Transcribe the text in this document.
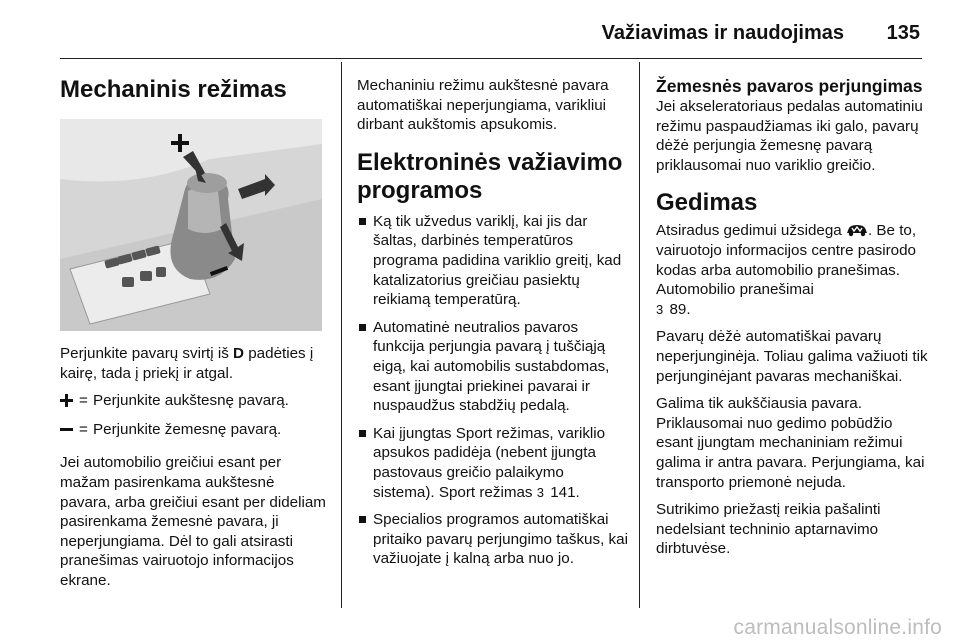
Važiavimas ir naudojimas 135
Mechaninis režimas

Perjunkite pavarų svirtį iš D padėties į kairę, tada į priekį ir atgal.

= Perjunkite aukštesnę pavarą.
= Perjunkite žemesnę pavarą.

Jei automobilio greičiui esant per mažam pasirenkama aukštesnė pavara, arba greičiui esant per dideliam pasirenkama žemesnė pavara, ji neperjungiama. Dėl to gali atsirasti pranešimas vairuotojo informacijos ekrane.

Mechaniniu režimu aukštesnė pavara automatiškai neperjungiama, varikliui dirbant aukštomis apsukomis.

Elektroninės važiavimo programos
Ką tik užvedus variklį, kai jis dar šaltas, darbinės temperatūros programa padidina variklio greitį, kad katalizatorius greičiau pasiektų reikiamą temperatūrą.
Automatinė neutralios pavaros funkcija perjungia pavarą į tuščiąją eigą, kai automobilis sustabdomas, esant įjungtai priekinei pavarai ir nuspaudžus stabdžių pedalą.
Kai įjungtas Sport režimas, variklio apsukos padidėja (nebent įjungta pastovaus greičio palaikymo sistema). Sport režimas 3 141.
Specialios programos automatiškai pritaiko pavarų perjungimo taškus, kai važiuojate į kalną arba nuo jo.
Žemesnės pavaros perjungimas

Jei akseleratoriaus pedalas automatiniu režimu paspaudžiamas iki galo, pavarų dėžė perjungia žemesnę pavarą priklausomai nuo variklio greičio.

Gedimas

Atsiradus gedimui užsidega . Be to, vairuotojo informacijos centre pasirodo kodas arba automobilio pranešimas. Automobilio pranešimai
3 89.

Pavarų dėžė automatiškai pavarų neperjunginėja. Toliau galima važiuoti tik perjunginėjant pavaras mechaniškai.

Galima tik aukščiausia pavara. Priklausomai nuo gedimo pobūdžio esant įjungtam mechaniniam režimui galima ir antra pavara. Perjungiama, kai transporto priemonė nejuda.

Sutrikimo priežastį reikia pašalinti nedelsiant techninio aptarnavimo dirbtuvėse.

carmanualsonline.info
